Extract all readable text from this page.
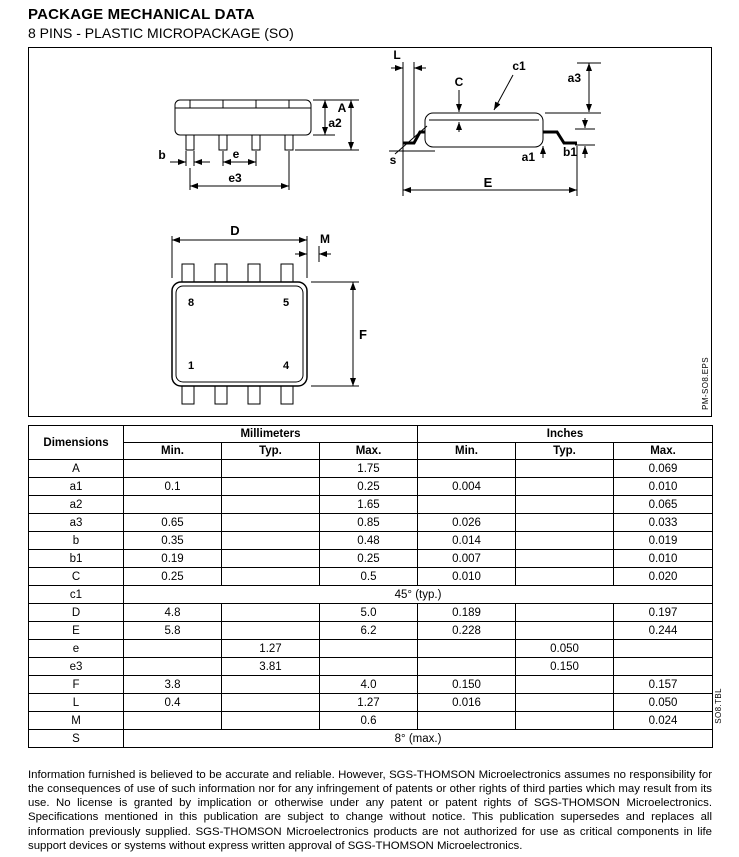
PACKAGE MECHANICAL DATA
8 PINS - PLASTIC MICROPACKAGE (SO)
a2
A
b	e
e3
L
C
c1
a3
s	a1 b1
E
D
M
F
8	5
1	4	PM-SO8.EPS
Dimensions	Millimeters			Inches		
	Min.	Typ.	Max.	Min.	Typ.	Max.
A			1.75			0.069
a1	0.1		0.25	0.004		0.010
a2			1.65			0.065
a3	0.65		0.85	0.026		0.033
b	0.35		0.48	0.014		0.019
b1	0.19		0.25	0.007		0.010
C	0.25		0.5	0.010		0.020
c1	45° (typ.)					
D	4.8		5.0	0.189		0.197
E	5.8		6.2	0.228		0.244
e		1.27			0.050	
e3		3.81			0.150	
F	3.8		4.0	0.150		0.157
L	0.4		1.27	0.016		0.050
M			0.6			0.024
S	8° (max.)					
SO8.TBL

Information furnished is believed to be accurate and reliable. However, SGS-THOMSON Microelectronics assumes no responsibility for the consequences of use of such information nor for any infringement of patents or other rights of third parties which may result from its use. No license is granted by implication or otherwise under any patent or patent rights of SGS-THOMSON Microelectronics. Specifications mentioned in this publication are subject to change without notice. This publication supersedes and replaces all information previously supplied. SGS-THOMSON Microelectronics products are not authorized for use as critical components in life support devices or systems without express written approval of SGS-THOMSON Microelectronics.
